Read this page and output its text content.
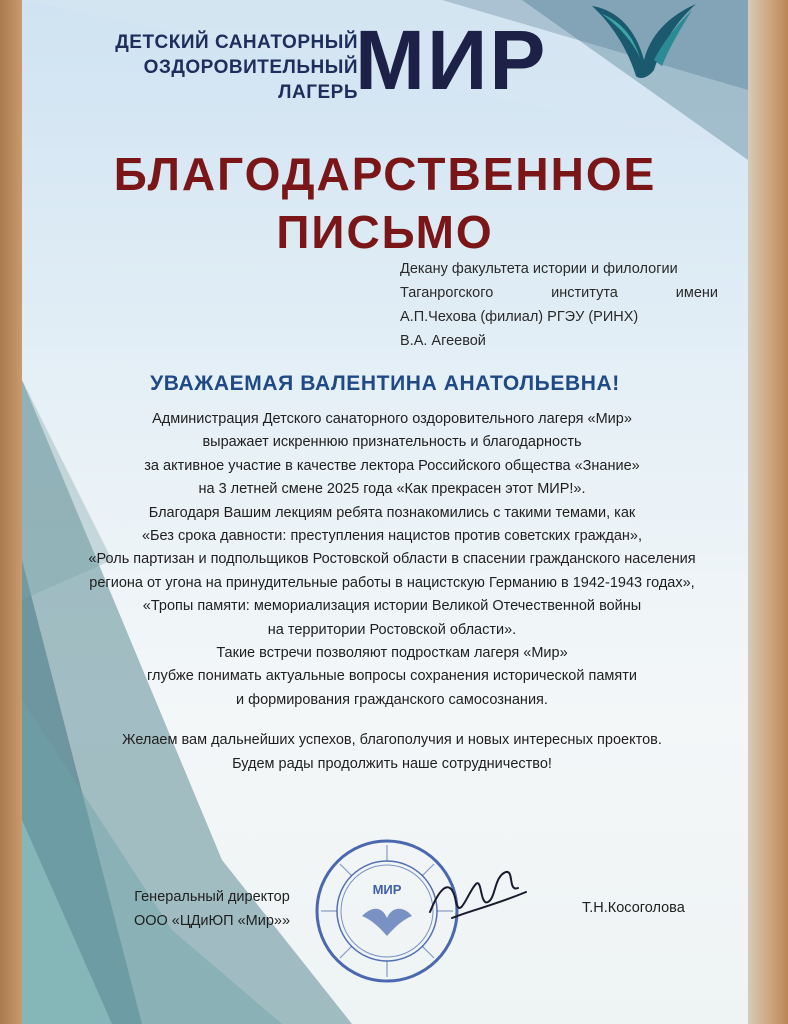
ДЕТСКИЙ САНАТОРНЫЙ
ОЗДОРОВИТЕЛЬНЫЙ
ЛАГЕРЬ
МИР
БЛАГОДАРСТВЕННОЕ
ПИСЬМО
Декану факультета истории и филологии
Таганрогского института имени
А.П.Чехова (филиал) РГЭУ (РИНХ)
В.А. Агеевой
УВАЖАЕМАЯ ВАЛЕНТИНА АНАТОЛЬЕВНА!
Администрация Детского санаторного оздоровительного лагеря «Мир»
выражает искреннюю признательность и благодарность
за активное участие в качестве лектора Российского общества «Знание»
на 3 летней смене 2025 года «Как прекрасен этот МИР!».
Благодаря Вашим лекциям ребята познакомились с такими темами, как
«Без срока давности: преступления нацистов против советских граждан»,
«Роль партизан и подпольщиков Ростовской области в спасении гражданского населения
региона от угона на принудительные работы в нацистскую Германию в 1942-1943 годах»,
«Тропы памяти: мемориализация истории Великой Отечественной войны
на территории Ростовской области».
Такие встречи позволяют подросткам лагеря «Мир»
глубже понимать актуальные вопросы сохранения исторической памяти
и формирования гражданского самосознания.
Желаем вам дальнейших успехов, благополучия и новых интересных проектов.
Будем рады продолжить наше сотрудничество!
Генеральный директор
ООО «ЦДиЮП «Мир»»
МИР
Т.Н.Косоголова
